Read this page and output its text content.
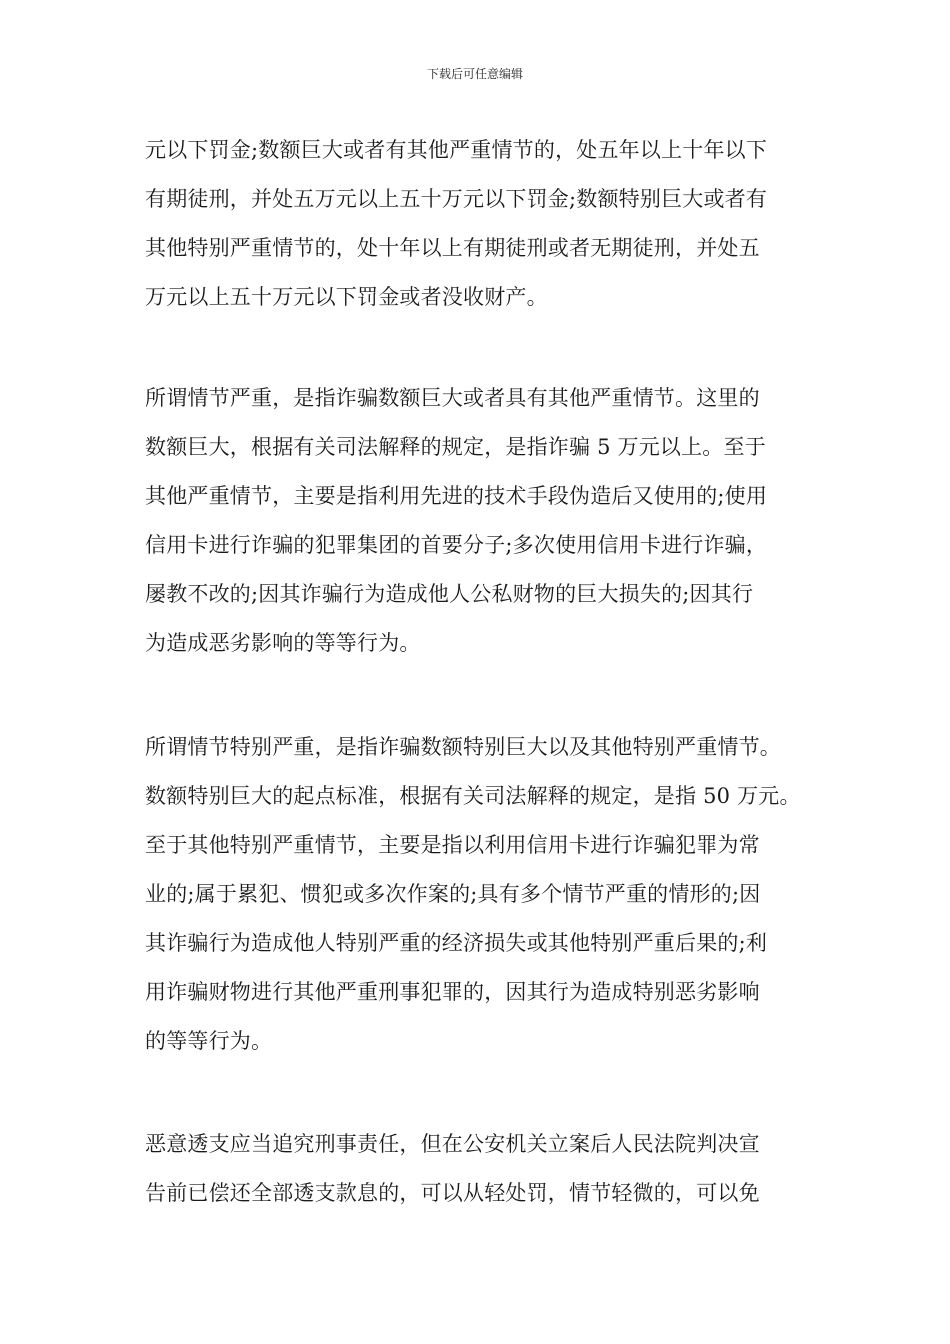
下载后可任意编辑
元以下罚金;数额巨大或者有其他严重情节的，处五年以上十年以下
有期徒刑，并处五万元以上五十万元以下罚金;数额特别巨大或者有
其他特别严重情节的，处十年以上有期徒刑或者无期徒刑，并处五
万元以上五十万元以下罚金或者没收财产。
所谓情节严重，是指诈骗数额巨大或者具有其他严重情节。这里的
数额巨大，根据有关司法解释的规定，是指诈骗 5 万元以上。至于
其他严重情节，主要是指利用先进的技术手段伪造后又使用的;使用
信用卡进行诈骗的犯罪集团的首要分子;多次使用信用卡进行诈骗，
屡教不改的;因其诈骗行为造成他人公私财物的巨大损失的;因其行
为造成恶劣影响的等等行为。
所谓情节特别严重，是指诈骗数额特别巨大以及其他特别严重情节。
数额特别巨大的起点标准，根据有关司法解释的规定，是指 50 万元。
至于其他特别严重情节，主要是指以利用信用卡进行诈骗犯罪为常
业的;属于累犯、惯犯或多次作案的;具有多个情节严重的情形的;因
其诈骗行为造成他人特别严重的经济损失或其他特别严重后果的;利
用诈骗财物进行其他严重刑事犯罪的，因其行为造成特别恶劣影响
的等等行为。
恶意透支应当追究刑事责任，但在公安机关立案后人民法院判决宣
告前已偿还全部透支款息的，可以从轻处罚，情节轻微的，可以免
